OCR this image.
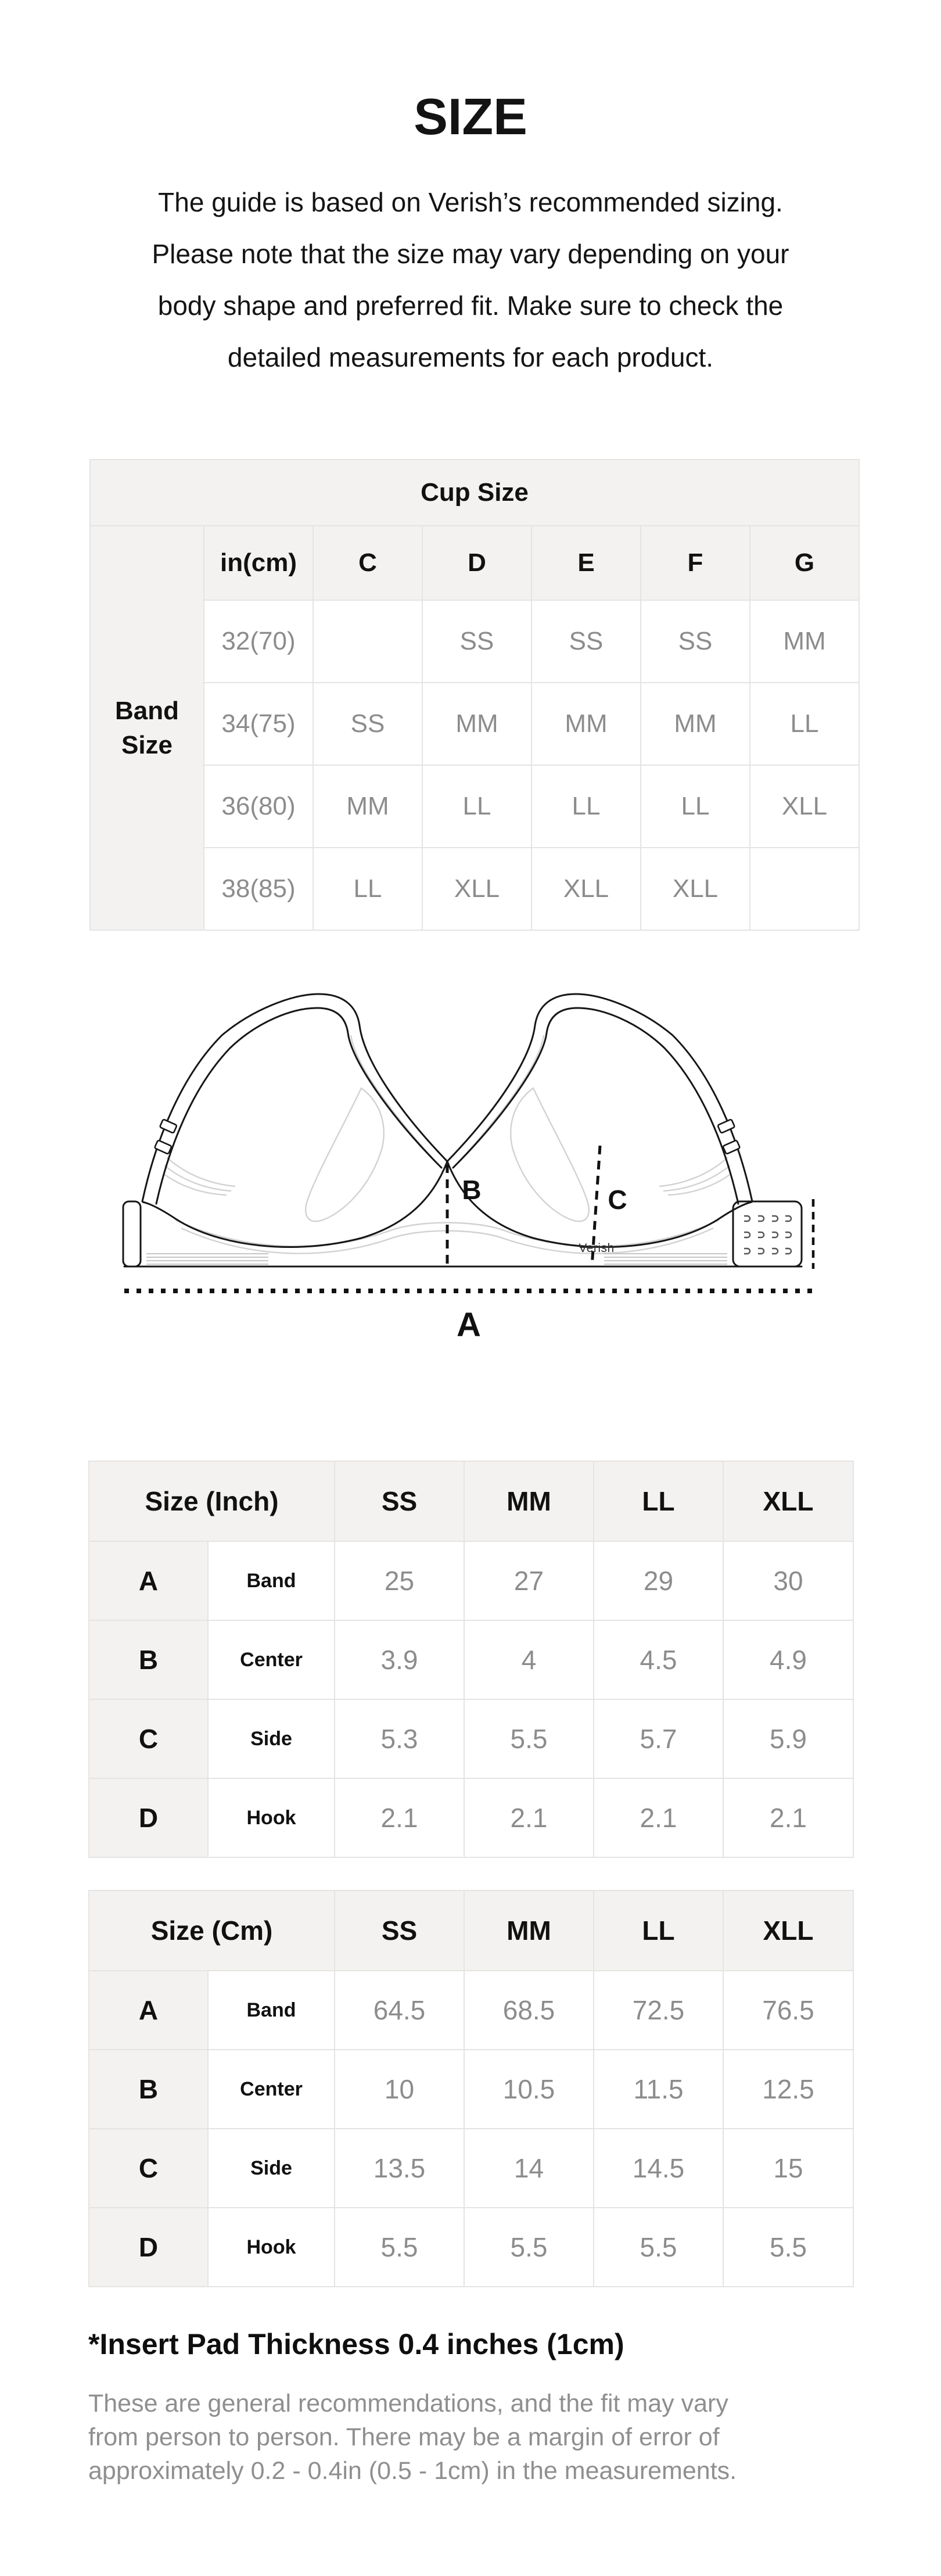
SIZE
The guide is based on Verish’s recommended sizing.
Please note that the size may vary depending on your
body shape and preferred fit. Make sure to check the
detailed measurements for each product.
Cup Size						

Band Size	in(cm)	C	D	E	F	G
	32(70)		SS	SS	SS	MM
	34(75)	SS	MM	MM	MM	LL
	36(80)	MM	LL	LL	LL	XLL
	38(85)	LL	XLL	XLL	XLL	
B	C
A
Verish
Size (Inch)		SS	MM	LL	XLL
A	Band	25	27	29	30
B	Center	3.9	4	4.5	4.9
C	Side	5.3	5.5	5.7	5.9
D	Hook	2.1	2.1	2.1	2.1
Size (Cm)		SS	MM	LL	XLL
A	Band	64.5	68.5	72.5	76.5
B	Center	10	10.5	11.5	12.5
C	Side	13.5	14	14.5	15
D	Hook	5.5	5.5	5.5	5.5
*Insert Pad Thickness 0.4 inches (1cm)
These are general recommendations, and the fit may vary
from person to person. There may be a margin of error of
approximately 0.2 - 0.4in (0.5 - 1cm) in the measurements.
